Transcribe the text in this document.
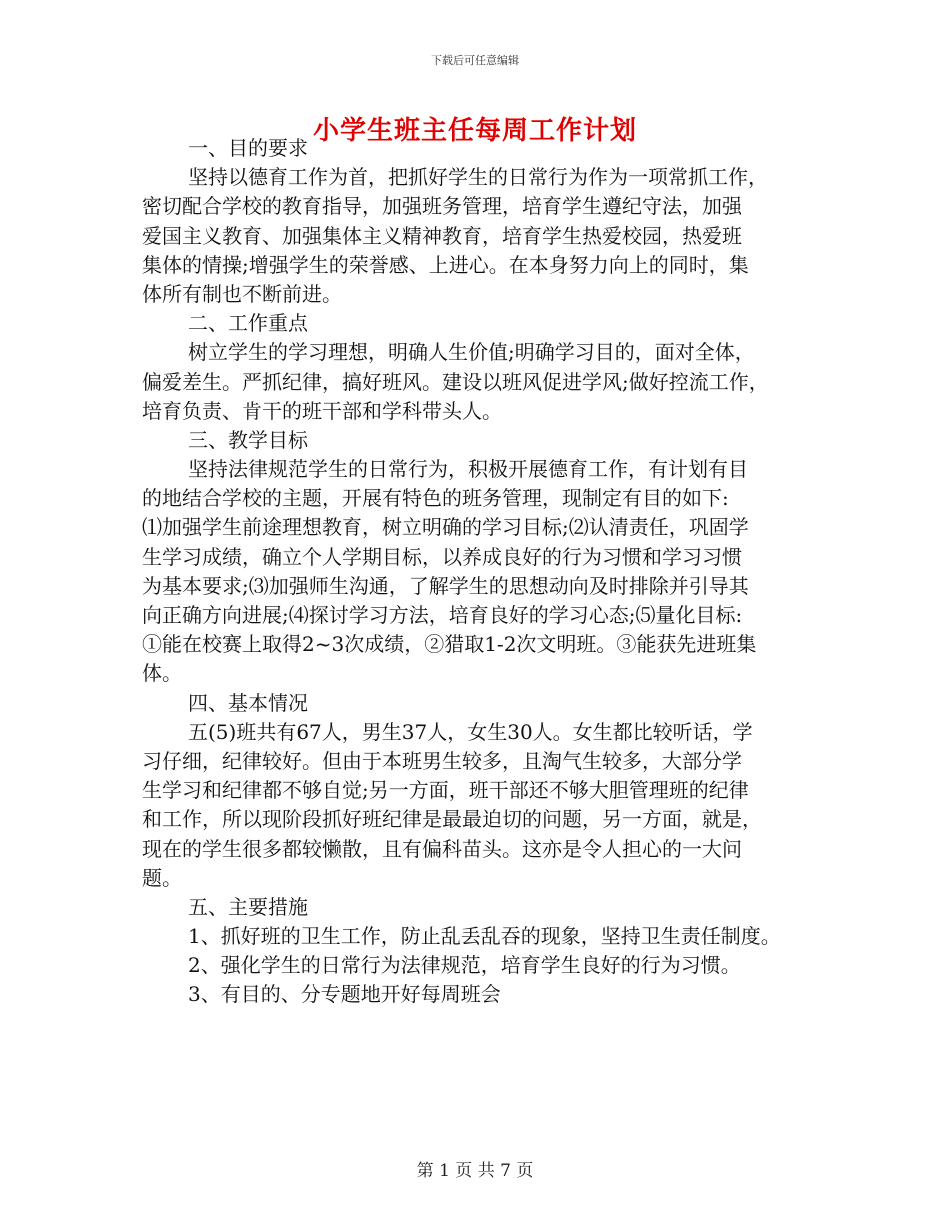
下载后可任意编辑
小学生班主任每周工作计划
一、目的要求
坚持以德育工作为首，把抓好学生的日常行为作为一项常抓工作，
密切配合学校的教育指导，加强班务管理，培育学生遵纪守法，加强
爱国主义教育、加强集体主义精神教育，培育学生热爱校园，热爱班
集体的情操;增强学生的荣誉感、上进心。在本身努力向上的同时，集
体所有制也不断前进。
二、工作重点
树立学生的学习理想，明确人生价值;明确学习目的，面对全体，
偏爱差生。严抓纪律，搞好班风。建设以班风促进学风;做好控流工作，
培育负责、肯干的班干部和学科带头人。
三、教学目标
坚持法律规范学生的日常行为，积极开展德育工作，有计划有目
的地结合学校的主题，开展有特色的班务管理，现制定有目的如下:
⑴加强学生前途理想教育，树立明确的学习目标;⑵认清责任，巩固学
生学习成绩，确立个人学期目标，以养成良好的行为习惯和学习习惯
为基本要求;⑶加强师生沟通，了解学生的思想动向及时排除并引导其
向正确方向进展;⑷探讨学习方法，培育良好的学习心态;⑸量化目标:
①能在校赛上取得2~3次成绩，②猎取1-2次文明班。③能获先进班集
体。
四、基本情况
五(5)班共有67人，男生37人，女生30人。女生都比较听话，学
习仔细，纪律较好。但由于本班男生较多，且淘气生较多，大部分学
生学习和纪律都不够自觉;另一方面，班干部还不够大胆管理班的纪律
和工作，所以现阶段抓好班纪律是最最迫切的问题，另一方面，就是，
现在的学生很多都较懒散，且有偏科苗头。这亦是令人担心的一大问
题。
五、主要措施
1、抓好班的卫生工作，防止乱丢乱吞的现象，坚持卫生责任制度。
2、强化学生的日常行为法律规范，培育学生良好的行为习惯。
3、有目的、分专题地开好每周班会
第 1 页 共 7 页
